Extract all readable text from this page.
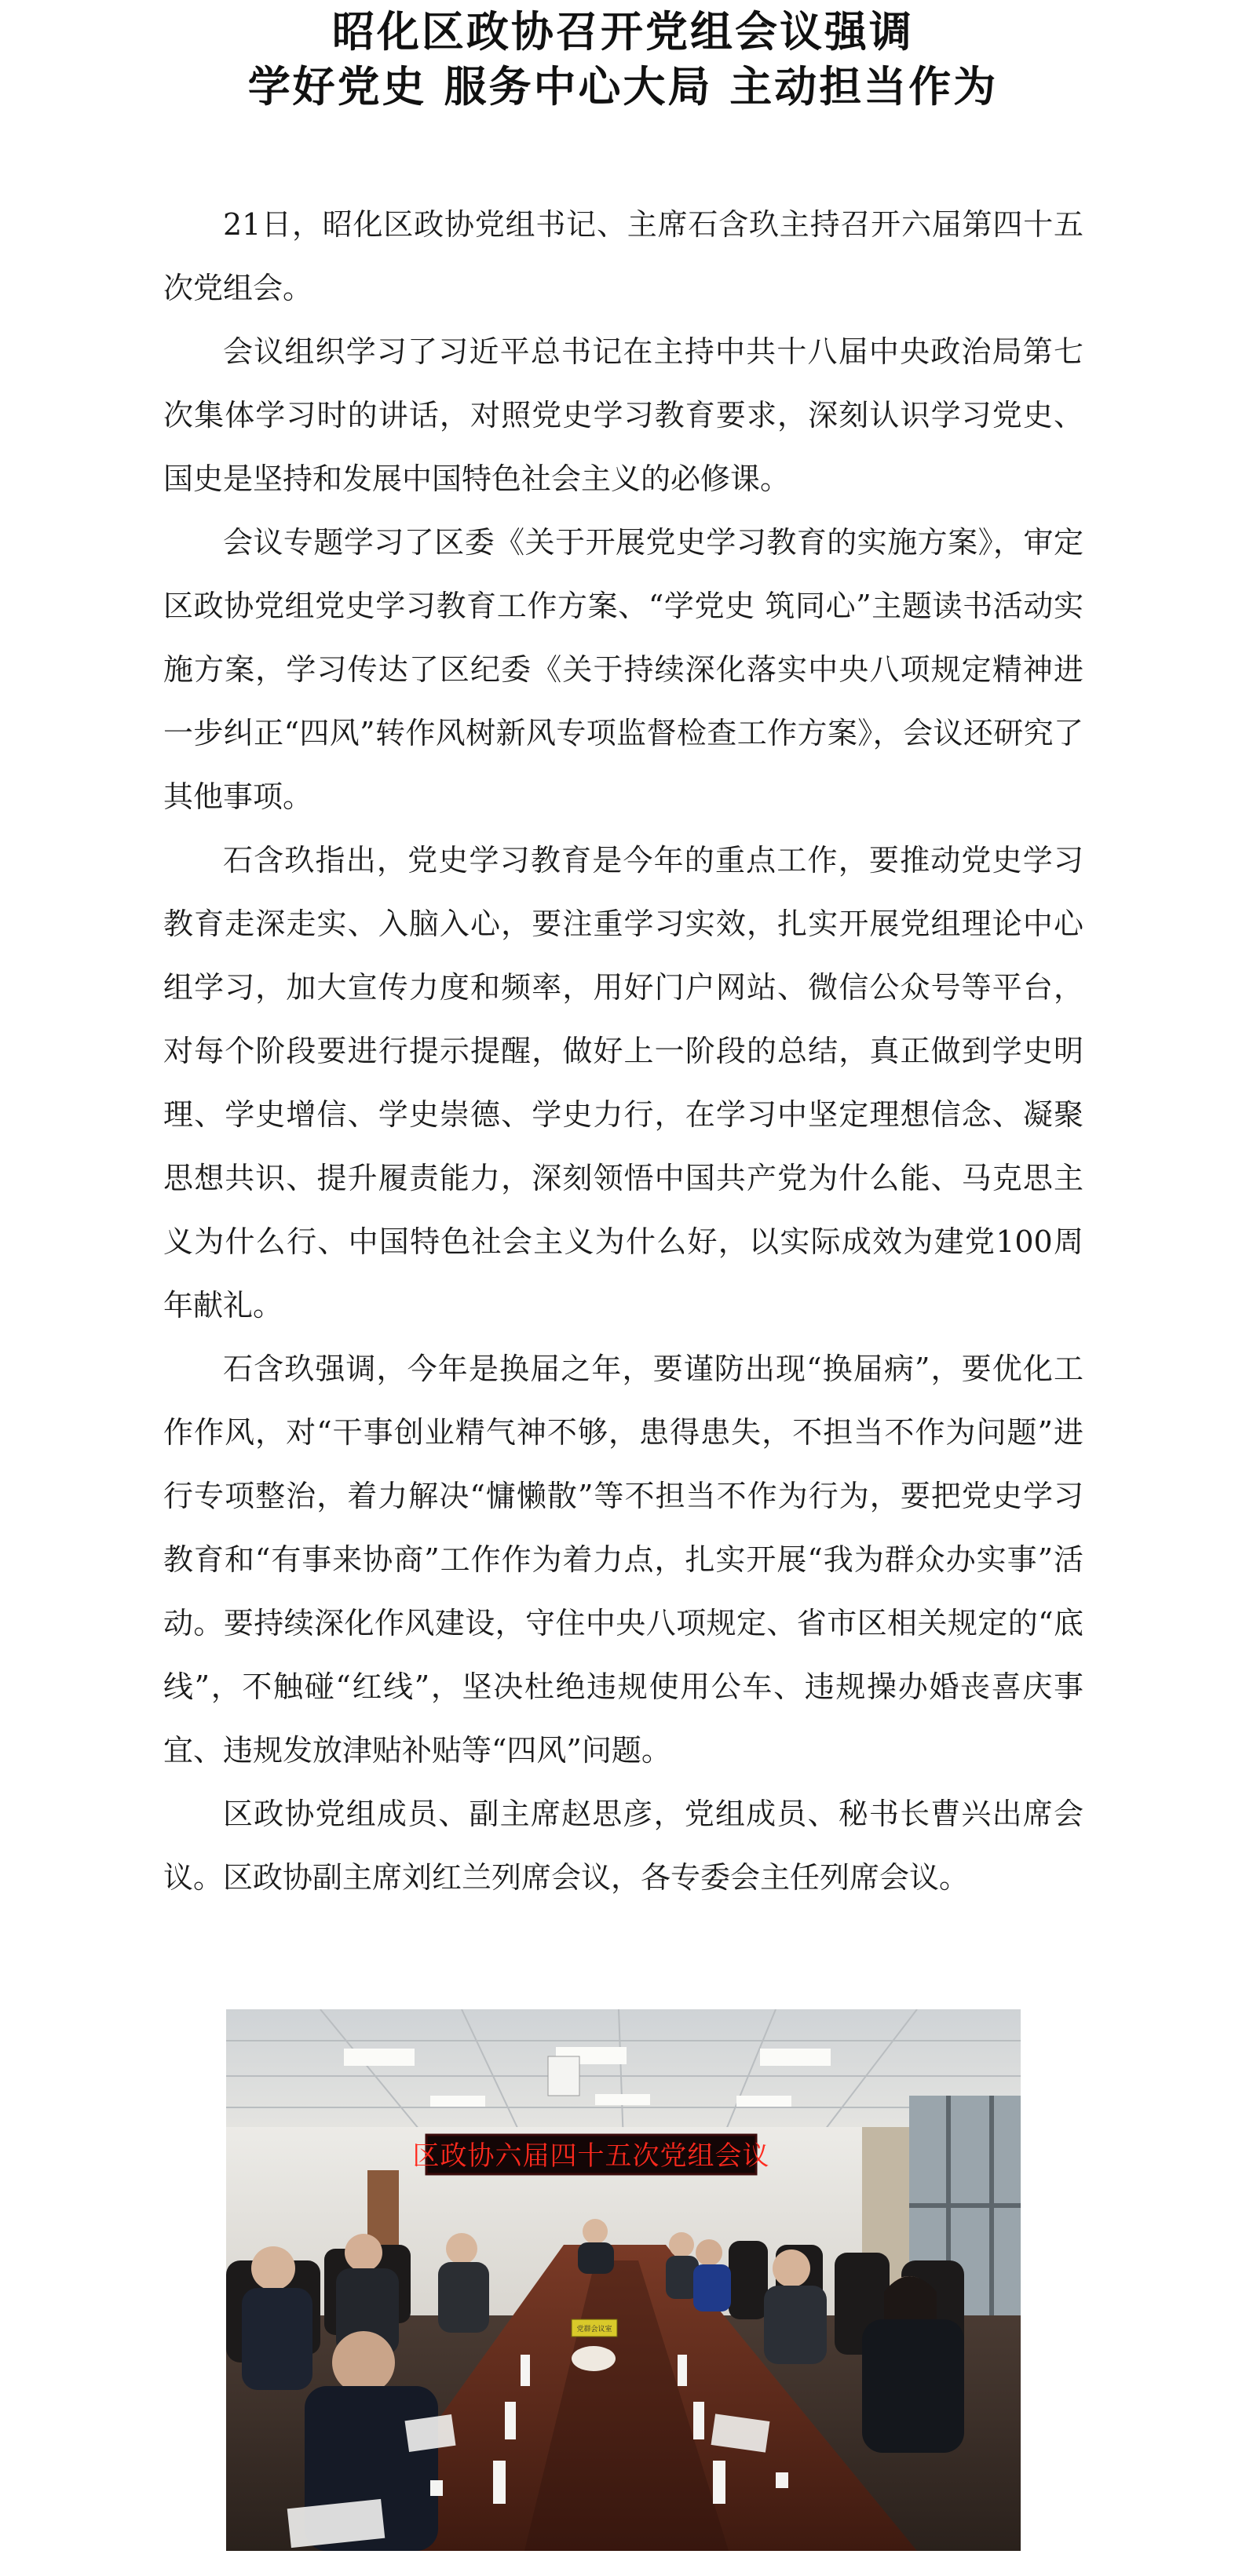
昭化区政协召开党组会议强调
学好党史 服务中心大局 主动担当作为

21日，昭化区政协党组书记、主席石含玖主持召开六届第四十五次党组会。

会议组织学习了习近平总书记在主持中共十八届中央政治局第七次集体学习时的讲话，对照党史学习教育要求，深刻认识学习党史、国史是坚持和发展中国特色社会主义的必修课。

会议专题学习了区委《关于开展党史学习教育的实施方案》，审定区政协党组党史学习教育工作方案、“学党史 筑同心”主题读书活动实施方案，学习传达了区纪委《关于持续深化落实中央八项规定精神进一步纠正“四风”转作风树新风专项监督检查工作方案》，会议还研究了其他事项。

石含玖指出，党史学习教育是今年的重点工作，要推动党史学习教育走深走实、入脑入心，要注重学习实效，扎实开展党组理论中心组学习，加大宣传力度和频率，用好门户网站、微信公众号等平台，对每个阶段要进行提示提醒，做好上一阶段的总结，真正做到学史明理、学史增信、学史崇德、学史力行，在学习中坚定理想信念、凝聚思想共识、提升履责能力，深刻领悟中国共产党为什么能、马克思主义为什么行、中国特色社会主义为什么好，以实际成效为建党100周年献礼。

石含玖强调，今年是换届之年，要谨防出现“换届病”，要优化工作作风，对“干事创业精气神不够，患得患失，不担当不作为问题”进行专项整治，着力解决“慵懒散”等不担当不作为行为，要把党史学习教育和“有事来协商”工作作为着力点，扎实开展“我为群众办实事”活动。要持续深化作风建设，守住中央八项规定、省市区相关规定的“底线”，不触碰“红线”，坚决杜绝违规使用公车、违规操办婚丧喜庆事宜、违规发放津贴补贴等“四风”问题。

区政协党组成员、副主席赵思彦，党组成员、秘书长曹兴出席会议。区政协副主席刘红兰列席会议，各专委会主任列席会议。

区政协六届四十五次党组会议
党群会议室
